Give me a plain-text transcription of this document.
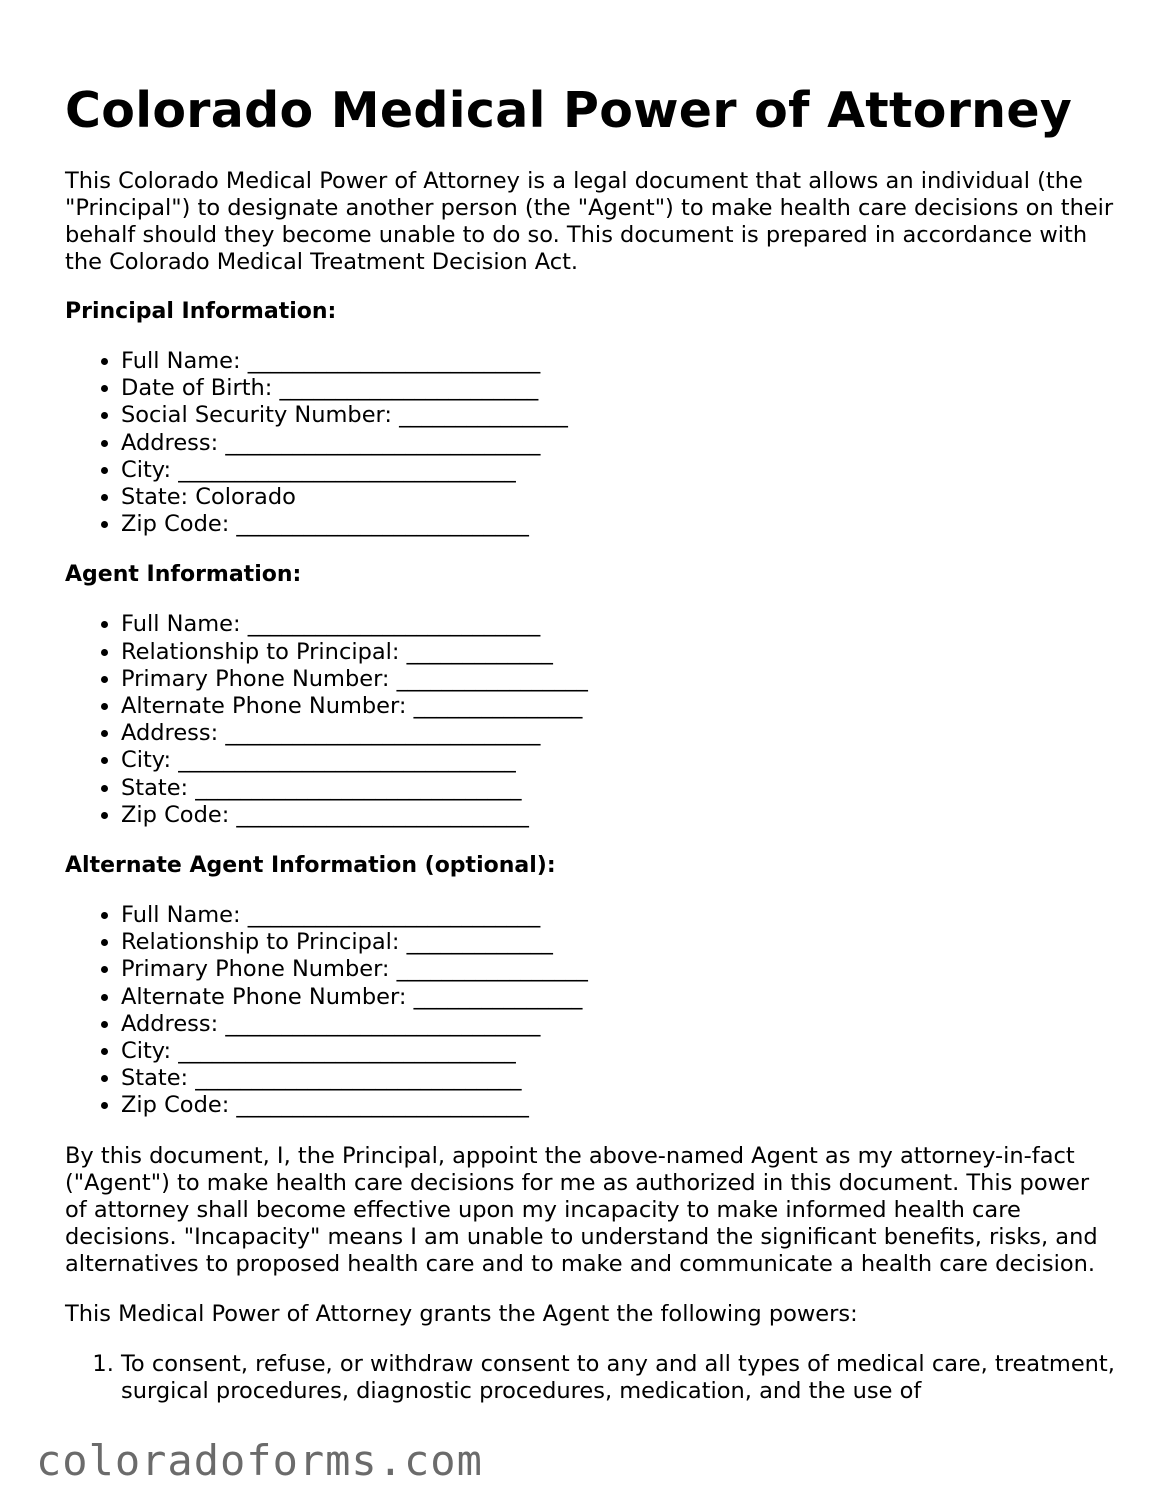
Colorado Medical Power of Attorney

This Colorado Medical Power of Attorney is a legal document that allows an individual (the "Principal") to designate another person (the "Agent") to make health care decisions on their behalf should they become unable to do so. This document is prepared in accordance with the Colorado Medical Treatment Decision Act.

Principal Information:
• Full Name: __________________________
• Date of Birth: _______________________
• Social Security Number: _______________
• Address: ____________________________
• City: ______________________________
• State: Colorado
• Zip Code: __________________________
Agent Information:
• Full Name: __________________________
• Relationship to Principal: _____________
• Primary Phone Number: _________________
• Alternate Phone Number: _______________
• Address: ____________________________
• City: ______________________________
• State: _____________________________
• Zip Code: __________________________
Alternate Agent Information (optional):
• Full Name: __________________________
• Relationship to Principal: _____________
• Primary Phone Number: _________________
• Alternate Phone Number: _______________
• Address: ____________________________
• City: ______________________________
• State: _____________________________
• Zip Code: __________________________

By this document, I, the Principal, appoint the above-named Agent as my attorney-in-fact ("Agent") to make health care decisions for me as authorized in this document. This power of attorney shall become effective upon my incapacity to make informed health care decisions. "Incapacity" means I am unable to understand the significant benefits, risks, and alternatives to proposed health care and to make and communicate a health care decision.

This Medical Power of Attorney grants the Agent the following powers:

1. To consent, refuse, or withdraw consent to any and all types of medical care, treatment, surgical procedures, diagnostic procedures, medication, and the use of
coloradoforms.com
